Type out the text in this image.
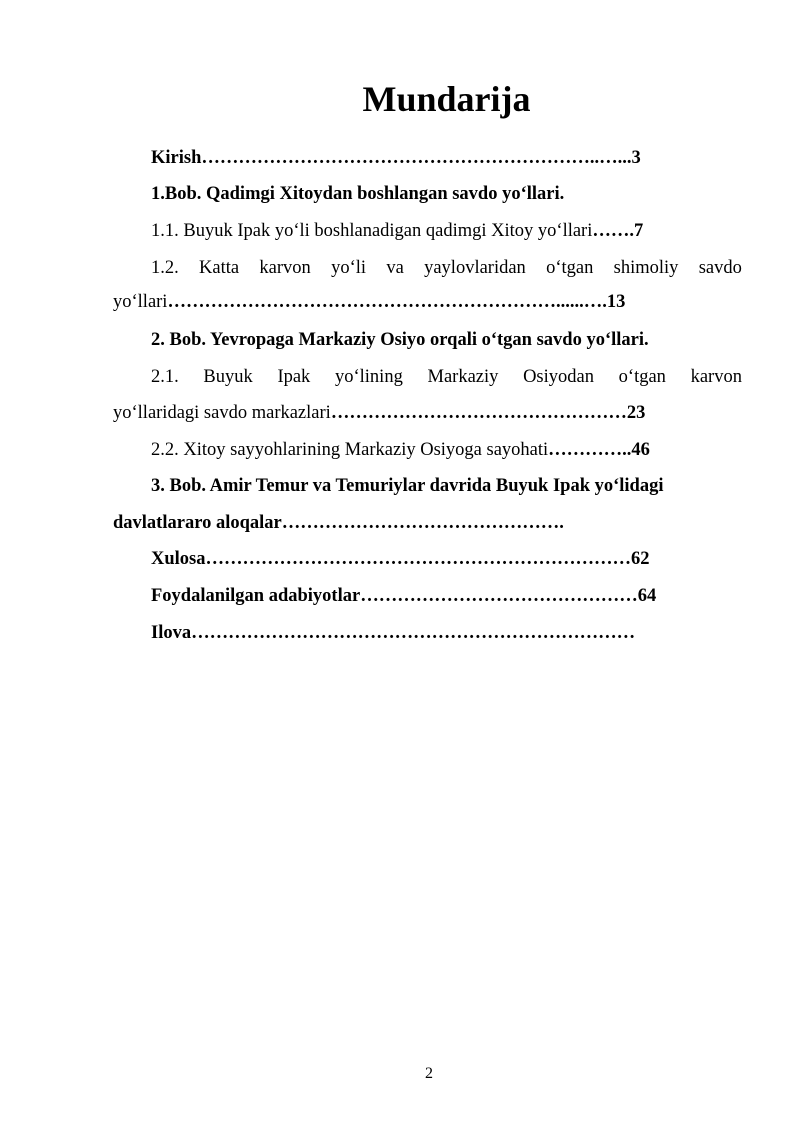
Mundarija
Kirish………………………………………………………..…...3
1.Bob. Qadimgi Xitoydan boshlangan savdo yo‘llari.
1.1. Buyuk Ipak yo‘li boshlanadigan qadimgi Xitoy yo‘llari…….7
1.2. Katta karvon yo‘li va yaylovlaridan o‘tgan shimoliy savdo
yo‘llari………………………………………………………......….13
2. Bob. Yevropaga Markaziy Osiyo orqali o‘tgan savdo yo‘llari.
2.1. Buyuk Ipak yo‘lining Markaziy Osiyodan o‘tgan karvon
yo‘llaridagi savdo markazlari…………………………………………23
2.2. Xitoy sayyohlarining Markaziy Osiyoga sayohati…………..46
3. Bob. Amir Temur va Temuriylar davrida Buyuk Ipak yo‘lidagi
davlatlararo aloqalar……………………………………….
Xulosa……………………………………………………………62
Foydalanilgan adabiyotlar………………………………………64
Ilova………………………………………………………………
2
